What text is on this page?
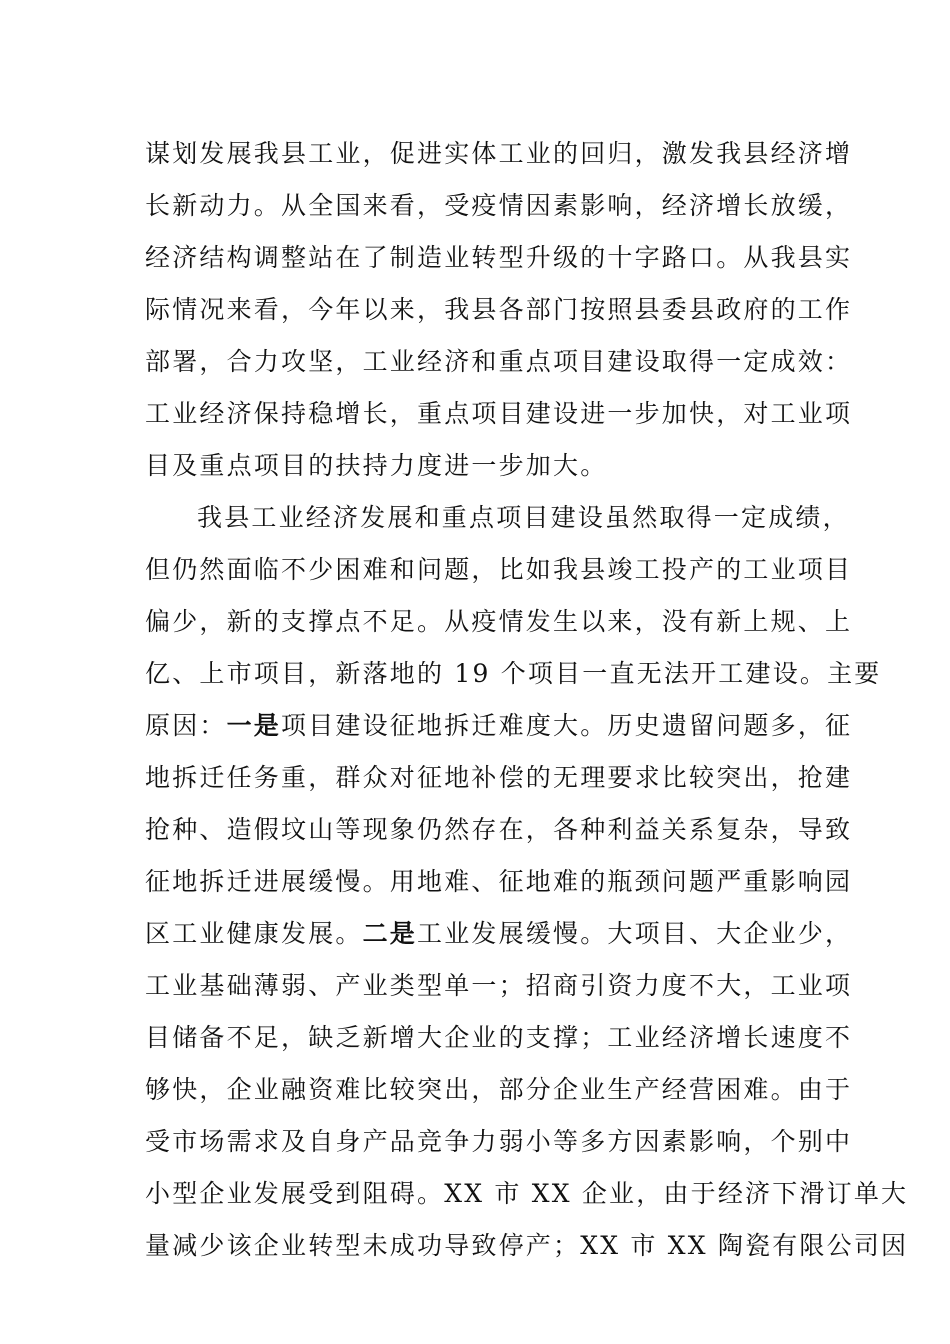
谋划发展我县工业，促进实体工业的回归，激发我县经济增
长新动力。从全国来看，受疫情因素影响，经济增长放缓，
经济结构调整站在了制造业转型升级的十字路口。从我县实
际情况来看，今年以来，我县各部门按照县委县政府的工作
部署，合力攻坚，工业经济和重点项目建设取得一定成效：
工业经济保持稳增长，重点项目建设进一步加快，对工业项
目及重点项目的扶持力度进一步加大。
我县工业经济发展和重点项目建设虽然取得一定成绩，
但仍然面临不少困难和问题，比如我县竣工投产的工业项目
偏少，新的支撑点不足。从疫情发生以来，没有新上规、上
亿、上市项目，新落地的 19 个项目一直无法开工建设。主要
原因：一是项目建设征地拆迁难度大。历史遗留问题多，征
地拆迁任务重，群众对征地补偿的无理要求比较突出，抢建
抢种、造假坟山等现象仍然存在，各种利益关系复杂，导致
征地拆迁进展缓慢。用地难、征地难的瓶颈问题严重影响园
区工业健康发展。二是工业发展缓慢。大项目、大企业少，
工业基础薄弱、产业类型单一；招商引资力度不大，工业项
目储备不足，缺乏新增大企业的支撑；工业经济增长速度不
够快，企业融资难比较突出，部分企业生产经营困难。由于
受市场需求及自身产品竞争力弱小等多方因素影响，个别中
小型企业发展受到阻碍。XX 市 XX 企业，由于经济下滑订单大
量减少该企业转型未成功导致停产；XX 市 XX 陶瓷有限公司因
